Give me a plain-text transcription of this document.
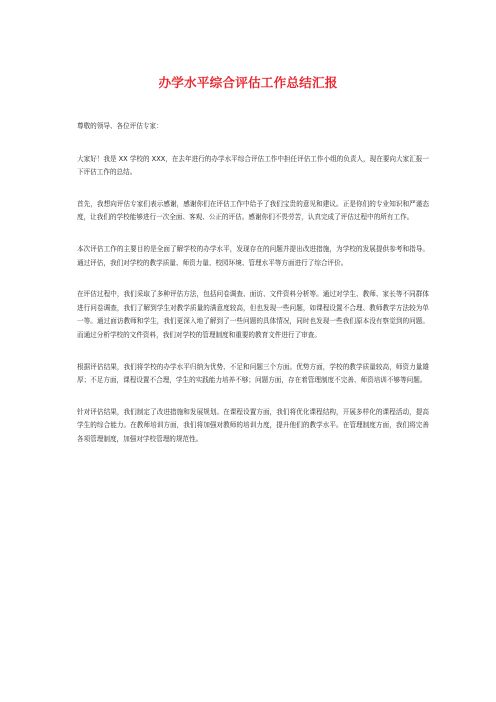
办学水平综合评估工作总结汇报

尊敬的领导、各位评估专家：

大家好！我是 XX 学校的 XXX，在去年进行的办学水平综合评估工作中担任评估工作小组的负责人，现在要向大家汇报一下评估工作的总结。

首先，我想向评估专家们表示感谢，感谢你们在评估工作中给予了我们宝贵的意见和建议。正是你们的专业知识和严谨态度，让我们的学校能够进行一次全面、客观、公正的评估。感谢你们不畏劳苦，认真完成了评估过程中的所有工作。

本次评估工作的主要目的是全面了解学校的办学水平，发现存在的问题并提出改进措施，为学校的发展提供参考和指导。通过评估，我们对学校的教学质量、师资力量、校园环境、管理水平等方面进行了综合评价。

在评估过程中，我们采取了多种评估方法，包括问卷调查、面访、文件资料分析等。通过对学生、教师、家长等不同群体进行问卷调查，我们了解到学生对教学质量的满意度较高，但也发现一些问题，如课程设置不合理、教师教学方法较为单一等。通过面访教师和学生，我们更深入地了解到了一些问题的具体情况，同时也发现一些我们原本没有察觉到的问题。而通过分析学校的文件资料，我们对学校的管理制度和重要的教育文件进行了审查。

根据评估结果，我们将学校的办学水平归纳为优势、不足和问题三个方面。优势方面，学校的教学质量较高，师资力量雄厚；不足方面，课程设置不合理，学生的实践能力培养不够；问题方面，存在着管理制度不完善、师资培训不够等问题。

针对评估结果，我们制定了改进措施和发展规划。在课程设置方面，我们将优化课程结构，开展多样化的课程活动，提高学生的综合能力。在教师培训方面，我们将加强对教师的培训力度，提升他们的教学水平。在管理制度方面，我们将完善各项管理制度，加强对学校管理的规范性。
